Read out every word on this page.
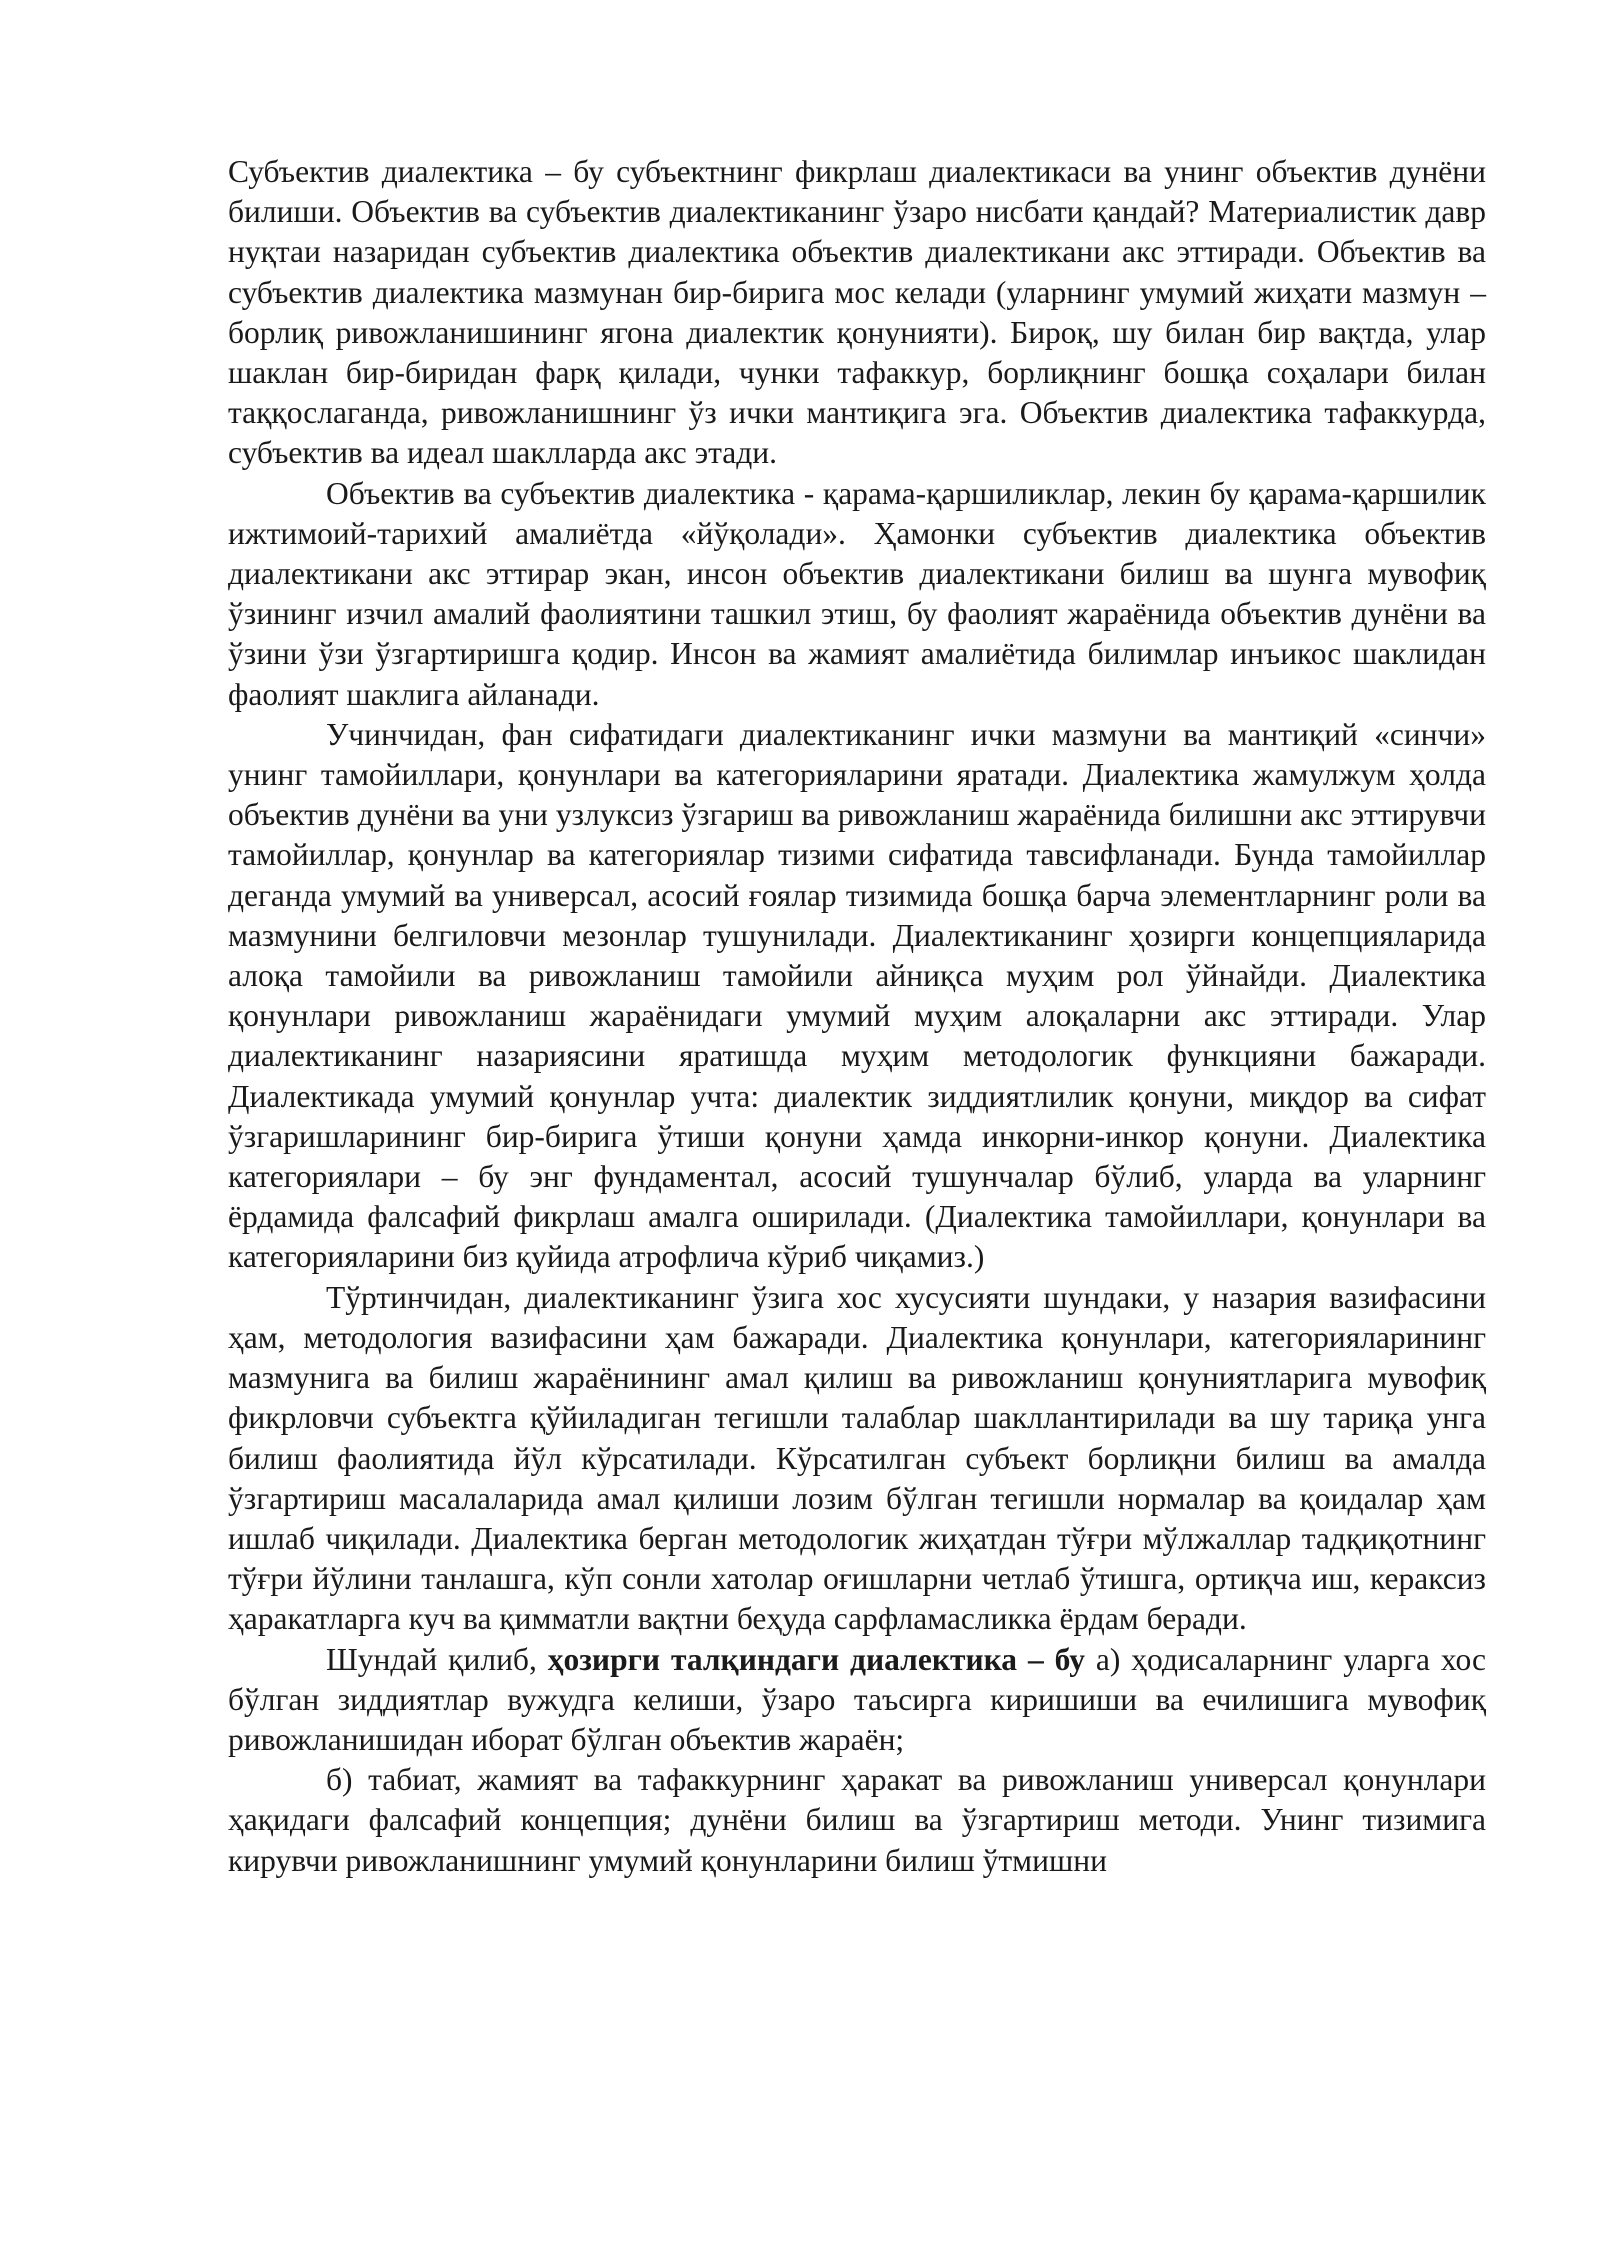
Субъектив диалектика – бу субъектнинг фикрлаш диалектикаси ва унинг объектив дунёни билиши. Объектив ва субъектив диалектиканинг ўзаро нисбати қандай? Материалистик давр нуқтаи назаридан субъектив диалектика объектив диалектикани акс эттиради. Объектив ва субъектив диалектика мазмунан бир-бирига мос келади (уларнинг умумий жиҳати мазмун – борлиқ ривожланишининг ягона диалектик қонунияти). Бироқ, шу билан бир вақтда, улар шаклан бир-биридан фарқ қилади, чунки тафаккур, борлиқнинг бошқа соҳалари билан таққослаганда, ривожланишнинг ўз ички мантиқига эга. Объектив диалектика тафаккурда, субъектив ва идеал шаклларда акс этади.

Объектив ва субъектив диалектика - қарама-қаршиликлар, лекин бу қарама-қаршилик ижтимоий-тарихий амалиётда «йўқолади». Ҳамонки субъектив диалектика объектив диалектикани акс эттирар экан, инсон объектив диалектикани билиш ва шунга мувофиқ ўзининг изчил амалий фаолиятини ташкил этиш, бу фаолият жараёнида объектив дунёни ва ўзини ўзи ўзгартиришга қодир. Инсон ва жамият амалиётида билимлар инъикос шаклидан фаолият шаклига айланади.

Учинчидан, фан сифатидаги диалектиканинг ички мазмуни ва мантиқий «синчи» унинг тамойиллари, қонунлари ва категорияларини яратади. Диалектика жамулжум ҳолда объектив дунёни ва уни узлуксиз ўзгариш ва ривожланиш жараёнида билишни акс эттирувчи тамойиллар, қонунлар ва категориялар тизими сифатида тавсифланади. Бунда тамойиллар деганда умумий ва универсал, асосий ғоялар тизимида бошқа барча элементларнинг роли ва мазмунини белгиловчи мезонлар тушунилади. Диалектиканинг ҳозирги концепцияларида алоқа тамойили ва ривожланиш тамойили айниқса муҳим рол ўйнайди. Диалектика қонунлари ривожланиш жараёнидаги умумий муҳим алоқаларни акс эттиради. Улар диалектиканинг назариясини яратишда муҳим методологик функцияни бажаради. Диалектикада умумий қонунлар учта: диалектик зиддиятлилик қонуни, миқдор ва сифат ўзгаришларининг бир-бирига ўтиши қонуни ҳамда инкорни-инкор қонуни. Диалектика категориялари – бу энг фундаментал, асосий тушунчалар бўлиб, уларда ва уларнинг ёрдамида фалсафий фикрлаш амалга оширилади. (Диалектика тамойиллари, қонунлари ва категорияларини биз қуйида атрофлича кўриб чиқамиз.)

Тўртинчидан, диалектиканинг ўзига хос хусусияти шундаки, у назария вазифасини ҳам, методология вазифасини ҳам бажаради. Диалектика қонунлари, категорияларининг мазмунига ва билиш жараёнининг амал қилиш ва ривожланиш қонуниятларига мувофиқ фикрловчи субъектга қўйиладиган тегишли талаблар шакллантирилади ва шу тариқа унга билиш фаолиятида йўл кўрсатилади. Кўрсатилган субъект борлиқни билиш ва амалда ўзгартириш масалаларида амал қилиши лозим бўлган тегишли нормалар ва қоидалар ҳам ишлаб чиқилади. Диалектика берган методологик жиҳатдан тўғри мўлжаллар тадқиқотнинг тўғри йўлини танлашга, кўп сонли хатолар оғишларни четлаб ўтишга, ортиқча иш, кераксиз ҳаракатларга куч ва қимматли вақтни беҳуда сарфламасликка ёрдам беради.

Шундай қилиб, ҳозирги талқиндаги диалектика – бу а) ҳодисаларнинг уларга хос бўлган зиддиятлар вужудга келиши, ўзаро таъсирга киришиши ва ечилишига мувофиқ ривожланишидан иборат бўлган объектив жараён;

б) табиат, жамият ва тафаккурнинг ҳаракат ва ривожланиш универсал қонунлари ҳақидаги фалсафий концепция; дунёни билиш ва ўзгартириш методи. Унинг тизимига кирувчи ривожланишнинг умумий қонунларини билиш ўтмишни
